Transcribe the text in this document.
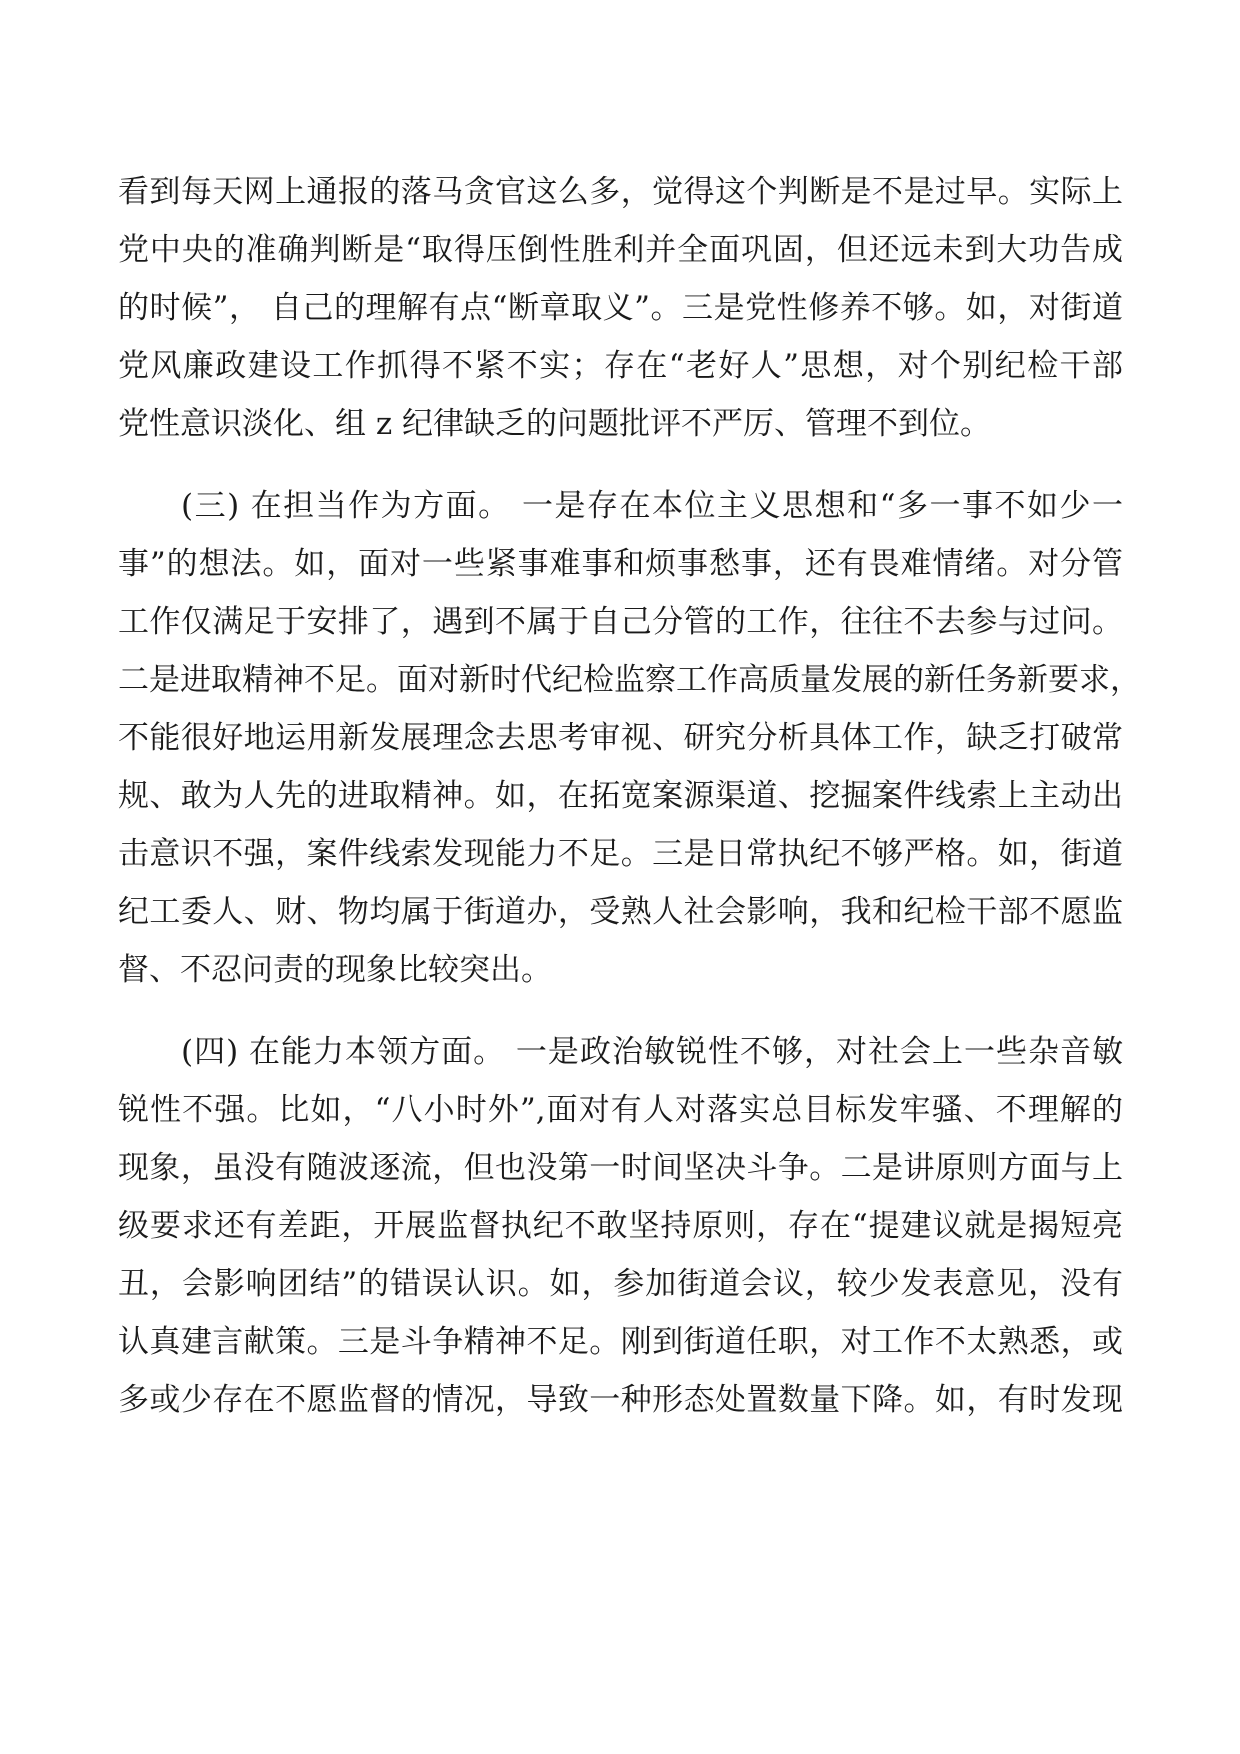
看到每天网上通报的落马贪官这么多，觉得这个判断是不是过早。实际上
党中央的准确判断是“取得压倒性胜利并全面巩固，但还远未到大功告成
的时候”， 自己的理解有点“断章取义”。三是党性修养不够。如，对街道
党风廉政建设工作抓得不紧不实；存在“老好人”思想，对个别纪检干部
党性意识淡化、组 z 纪律缺乏的问题批评不严厉、管理不到位。
(三) 在担当作为方面。 一是存在本位主义思想和“多一事不如少一
事”的想法。如，面对一些紧事难事和烦事愁事，还有畏难情绪。对分管
工作仅满足于安排了，遇到不属于自己分管的工作，往往不去参与过问。
二是进取精神不足。面对新时代纪检监察工作高质量发展的新任务新要求，
不能很好地运用新发展理念去思考审视、研究分析具体工作，缺乏打破常
规、敢为人先的进取精神。如，在拓宽案源渠道、挖掘案件线索上主动出
击意识不强，案件线索发现能力不足。三是日常执纪不够严格。如，街道
纪工委人、财、物均属于街道办，受熟人社会影响，我和纪检干部不愿监
督、不忍问责的现象比较突出。
(四) 在能力本领方面。 一是政治敏锐性不够，对社会上一些杂音敏
锐性不强。比如，“八小时外”,面对有人对落实总目标发牢骚、不理解的
现象，虽没有随波逐流，但也没第一时间坚决斗争。二是讲原则方面与上
级要求还有差距，开展监督执纪不敢坚持原则，存在“提建议就是揭短亮
丑，会影响团结”的错误认识。如，参加街道会议，较少发表意见，没有
认真建言献策。三是斗争精神不足。刚到街道任职，对工作不太熟悉，或
多或少存在不愿监督的情况，导致一种形态处置数量下降。如，有时发现
